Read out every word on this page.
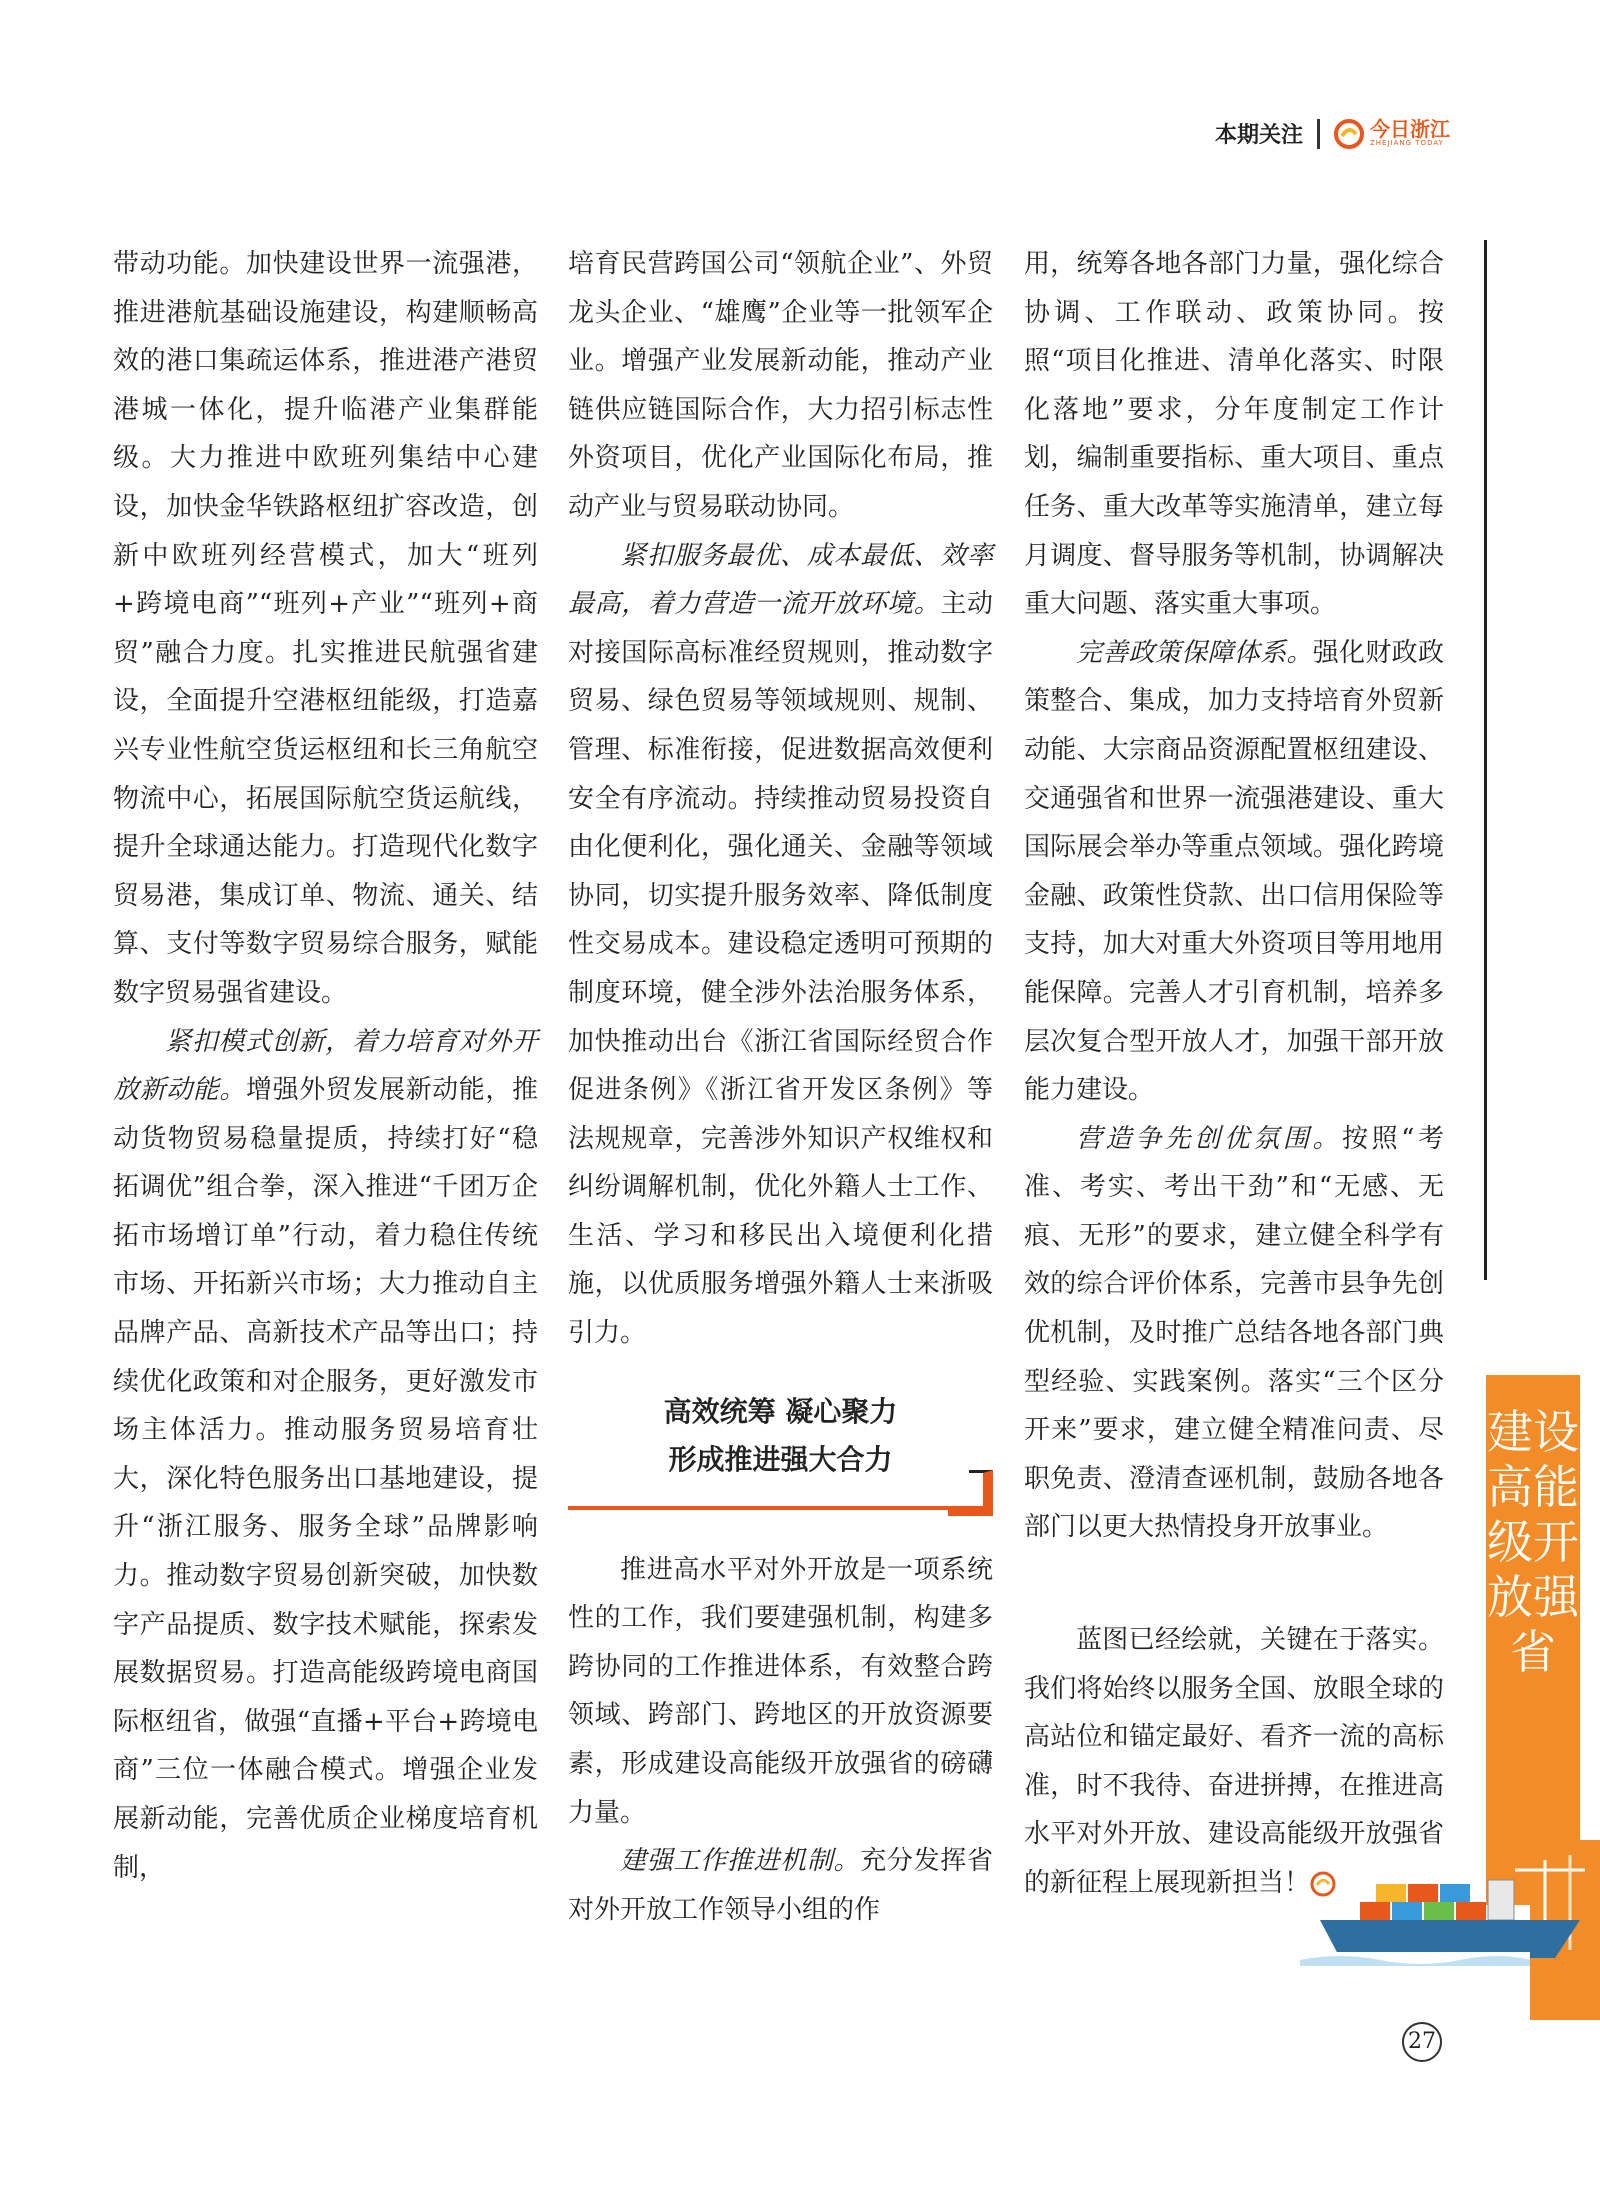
本期关注	今日浙江
ZHEJIANG TODAY

带动功能。加快建设世界一流强港，推进港航基础设施建设，构建顺畅高效的港口集疏运体系，推进港产港贸港城一体化，提升临港产业集群能级。大力推进中欧班列集结中心建设，加快金华铁路枢纽扩容改造，创新中欧班列经营模式，加大“班列+跨境电商”“班列+产业”“班列+商贸”融合力度。扎实推进民航强省建设，全面提升空港枢纽能级，打造嘉兴专业性航空货运枢纽和长三角航空物流中心，拓展国际航空货运航线，提升全球通达能力。打造现代化数字贸易港，集成订单、物流、通关、结算、支付等数字贸易综合服务，赋能数字贸易强省建设。

紧扣模式创新，着力培育对外开放新动能。增强外贸发展新动能，推动货物贸易稳量提质，持续打好“稳拓调优”组合拳，深入推进“千团万企拓市场增订单”行动，着力稳住传统市场、开拓新兴市场；大力推动自主品牌产品、高新技术产品等出口；持续优化政策和对企服务，更好激发市场主体活力。推动服务贸易培育壮大，深化特色服务出口基地建设，提升“浙江服务、服务全球”品牌影响力。推动数字贸易创新突破，加快数字产品提质、数字技术赋能，探索发展数据贸易。打造高能级跨境电商国际枢纽省，做强“直播+平台+跨境电商”三位一体融合模式。增强企业发展新动能，完善优质企业梯度培育机制，

培育民营跨国公司“领航企业”、外贸龙头企业、“雄鹰”企业等一批领军企业。增强产业发展新动能，推动产业链供应链国际合作，大力招引标志性外资项目，优化产业国际化布局，推动产业与贸易联动协同。

紧扣服务最优、成本最低、效率最高，着力营造一流开放环境。主动对接国际高标准经贸规则，推动数字贸易、绿色贸易等领域规则、规制、管理、标准衔接，促进数据高效便利安全有序流动。持续推动贸易投资自由化便利化，强化通关、金融等领域协同，切实提升服务效率、降低制度性交易成本。建设稳定透明可预期的制度环境，健全涉外法治服务体系，加快推动出台《浙江省国际经贸合作促进条例》《浙江省开发区条例》等法规规章，完善涉外知识产权维权和纠纷调解机制，优化外籍人士工作、生活、学习和移民出入境便利化措施，以优质服务增强外籍人士来浙吸引力。

高效统筹 凝心聚力
形成推进强大合力

推进高水平对外开放是一项系统性的工作，我们要建强机制，构建多跨协同的工作推进体系，有效整合跨领域、跨部门、跨地区的开放资源要素，形成建设高能级开放强省的磅礴力量。

建强工作推进机制。充分发挥省对外开放工作领导小组的作

用，统筹各地各部门力量，强化综合协调、工作联动、政策协同。按照“项目化推进、清单化落实、时限化落地”要求，分年度制定工作计划，编制重要指标、重大项目、重点任务、重大改革等实施清单，建立每月调度、督导服务等机制，协调解决重大问题、落实重大事项。

完善政策保障体系。强化财政政策整合、集成，加力支持培育外贸新动能、大宗商品资源配置枢纽建设、交通强省和世界一流强港建设、重大国际展会举办等重点领域。强化跨境金融、政策性贷款、出口信用保险等支持，加大对重大外资项目等用地用能保障。完善人才引育机制，培养多层次复合型开放人才，加强干部开放能力建设。

营造争先创优氛围。按照“考准、考实、考出干劲”和“无感、无痕、无形”的要求，建立健全科学有效的综合评价体系，完善市县争先创优机制，及时推广总结各地各部门典型经验、实践案例。落实“三个区分开来”要求，建立健全精准问责、尽职免责、澄清查诬机制，鼓励各地各部门以更大热情投身开放事业。

蓝图已经绘就，关键在于落实。我们将始终以服务全国、放眼全球的高站位和锚定最好、看齐一流的高标准，时不我待、奋进拼搏，在推进高水平对外开放、建设高能级开放强省的新征程上展现新担当！

建设高能级开放强省
27
